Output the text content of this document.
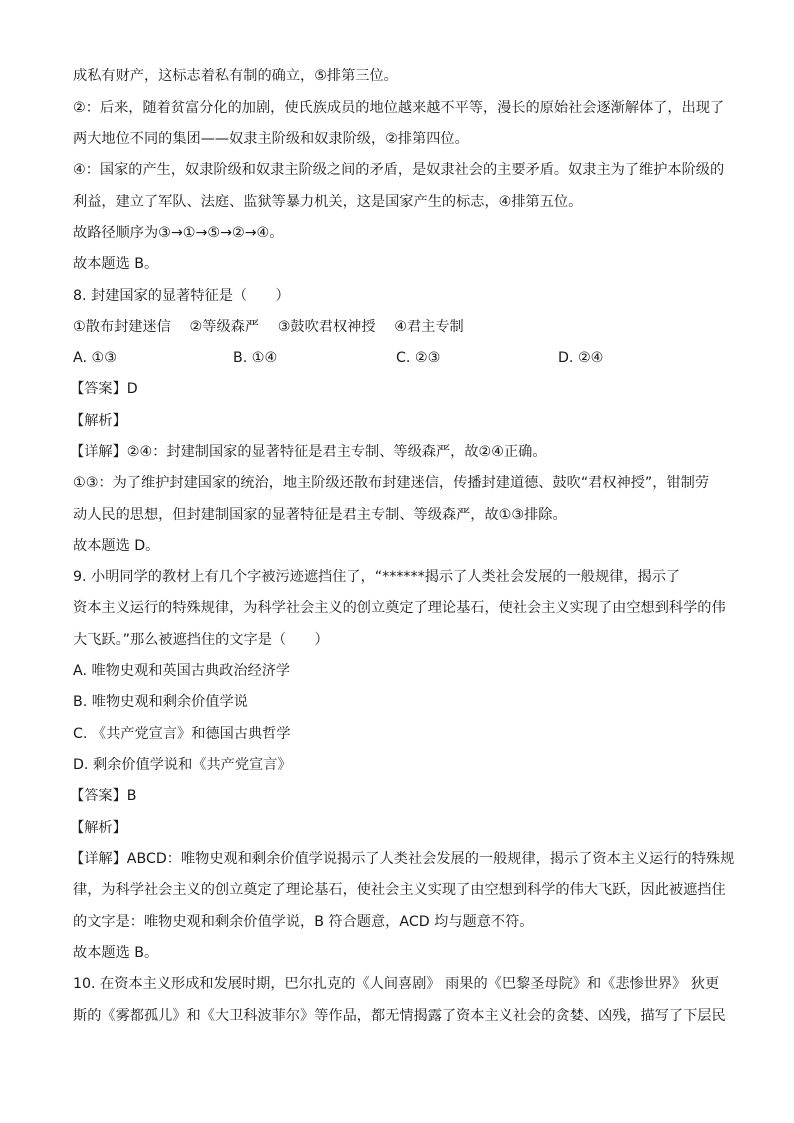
成私有财产，这标志着私有制的确立，⑤排第三位。
②：后来，随着贫富分化的加剧，使氏族成员的地位越来越不平等，漫长的原始社会逐渐解体了，出现了
两大地位不同的集团——奴隶主阶级和奴隶阶级，②排第四位。
④：国家的产生，奴隶阶级和奴隶主阶级之间的矛盾，是奴隶社会的主要矛盾。奴隶主为了维护本阶级的
利益，建立了军队、法庭、监狱等暴力机关，这是国家产生的标志，④排第五位。
故路径顺序为③→①→⑤→②→④。
故本题选 B。
8. 封建国家的显著特征是（　　）
①散布封建迷信　 ②等级森严　 ③鼓吹君权神授　 ④君主专制
A. ①③	B. ①④	C. ②③	D. ②④
【答案】D
【解析】
【详解】②④：封建制国家的显著特征是君主专制、等级森严，故②④正确。
①③：为了维护封建国家的统治，地主阶级还散布封建迷信，传播封建道德、鼓吹“君权神授”，钳制劳
动人民的思想，但封建制国家的显著特征是君主专制、等级森严，故①③排除。
故本题选 D。
9. 小明同学的教材上有几个字被污迹遮挡住了，“******揭示了人类社会发展的一般规律，揭示了
资本主义运行的特殊规律，为科学社会主义的创立奠定了理论基石，使社会主义实现了由空想到科学的伟
大飞跃。”那么被遮挡住的文字是（　　）
A. 唯物史观和英国古典政治经济学
B. 唯物史观和剩余价值学说
C. 《共产党宣言》和德国古典哲学
D. 剩余价值学说和《共产党宣言》
【答案】B
【解析】
【详解】ABCD：唯物史观和剩余价值学说揭示了人类社会发展的一般规律，揭示了资本主义运行的特殊规
律，为科学社会主义的创立奠定了理论基石，使社会主义实现了由空想到科学的伟大飞跃，因此被遮挡住
的文字是：唯物史观和剩余价值学说，B 符合题意，ACD 均与题意不符。
故本题选 B。
10. 在资本主义形成和发展时期，巴尔扎克的《人间喜剧》 雨果的《巴黎圣母院》和《悲惨世界》 狄更
斯的《雾都孤儿》和《大卫科波菲尔》等作品，都无情揭露了资本主义社会的贪婪、凶残，描写了下层民
